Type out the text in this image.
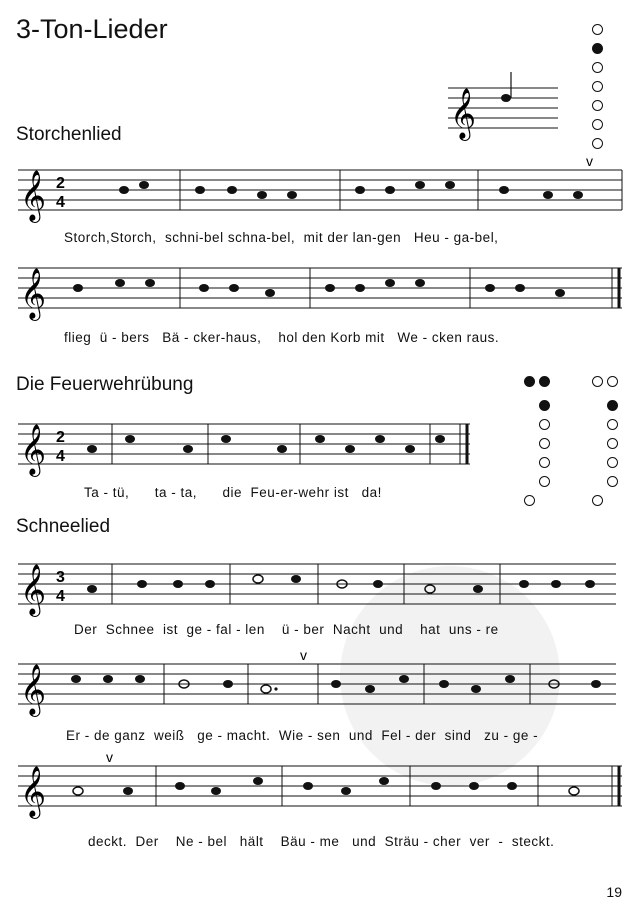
3-Ton-Lieder
𝄞
Storchenlied
𝄞 2
4
v
Storch,Storch,  schni-bel schna-bel,  mit der lan-gen   Heu - ga-bel,
𝄞
flieg  ü - bers   Bä - cker-haus,    hol den Korb mit   We - cken raus.
Die Feuerwehrübung
𝄞 2
4
Ta - tü,      ta - ta,      die  Feu-er-wehr ist   da!
Schneelied
𝄞 3
4
Der  Schnee  ist  ge - fal - len    ü - ber  Nacht  und    hat  uns - re
𝄞
v
Er - de ganz  weiß   ge - macht.  Wie - sen  und  Fel - der  sind   zu - ge -
𝄞
v
deckt.  Der    Ne - bel   hält    Bäu - me   und  Sträu - cher  ver  -  steckt.
19
